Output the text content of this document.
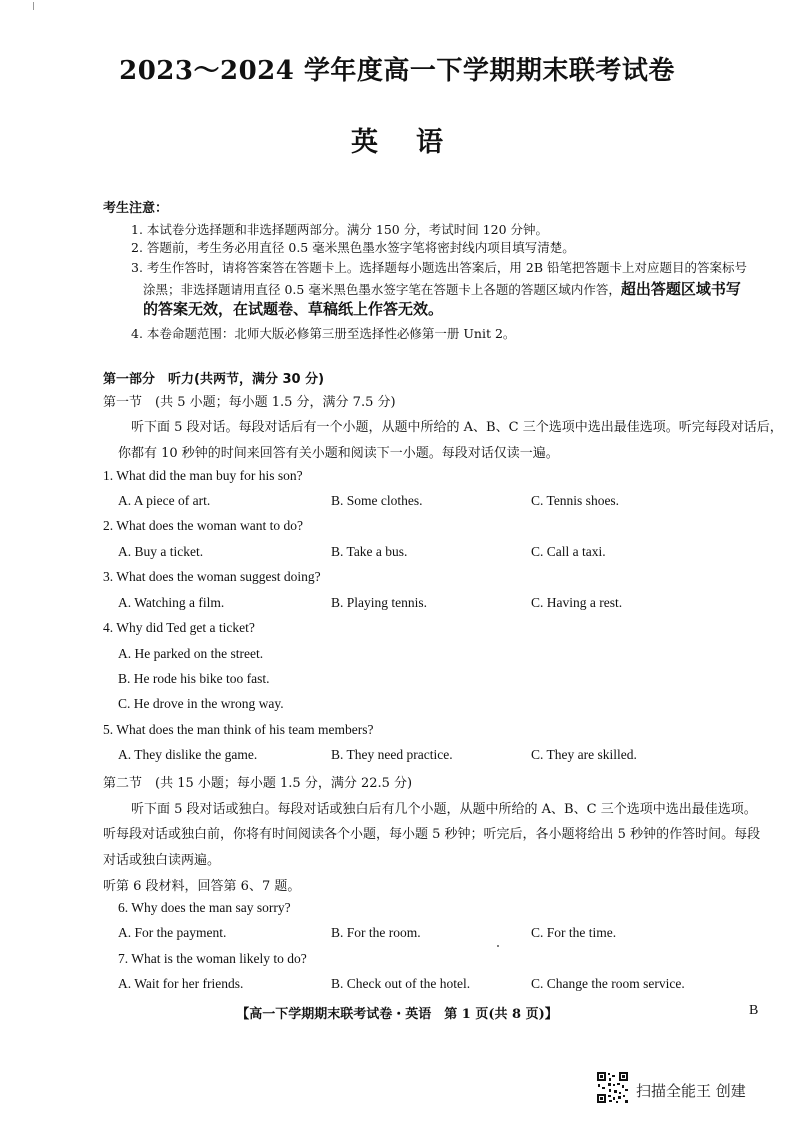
2023～2024 学年度高一下学期期末联考试卷
英语
考生注意：
1. 本试卷分选择题和非选择题两部分。满分 150 分，考试时间 120 分钟。
2. 答题前，考生务必用直径 0.5 毫米黑色墨水签字笔将密封线内项目填写清楚。
3. 考生作答时，请将答案答在答题卡上。选择题每小题选出答案后，用 2B 铅笔把答题卡上对应题目的答案标号
涂黑；非选择题请用直径 0.5 毫米黑色墨水签字笔在答题卡上各题的答题区域内作答，超出答题区域书写
的答案无效，在试题卷、草稿纸上作答无效。
4. 本卷命题范围：北师大版必修第三册至选择性必修第一册 Unit 2。
第一部分　听力(共两节，满分 30 分)
第一节　(共 5 小题；每小题 1.5 分，满分 7.5 分)
听下面 5 段对话。每段对话后有一个小题，从题中所给的 A、B、C 三个选项中选出最佳选项。听完每段对话后，
你都有 10 秒钟的时间来回答有关小题和阅读下一小题。每段对话仅读一遍。
1. What did the man buy for his son?
A. A piece of art.	B. Some clothes.	C. Tennis shoes.
2. What does the woman want to do?
A. Buy a ticket.	B. Take a bus.	C. Call a taxi.
3. What does the woman suggest doing?
A. Watching a film.	B. Playing tennis.	C. Having a rest.
4. Why did Ted get a ticket?
A. He parked on the street.
B. He rode his bike too fast.
C. He drove in the wrong way.
5. What does the man think of his team members?
A. They dislike the game.	B. They need practice.	C. They are skilled.
第二节　(共 15 小题；每小题 1.5 分，满分 22.5 分)
听下面 5 段对话或独白。每段对话或独白后有几个小题，从题中所给的 A、B、C 三个选项中选出最佳选项。
听每段对话或独白前，你将有时间阅读各个小题，每小题 5 秒钟；听完后，各小题将给出 5 秒钟的作答时间。每段
对话或独白读两遍。
听第 6 段材料，回答第 6、7 题。
6. Why does the man say sorry?
A. For the payment.	B. For the room.	C. For the time.
7. What is the woman likely to do?
A. Wait for her friends.	B. Check out of the hotel.	C. Change the room service.
【高一下学期期末联考试卷・英语　第 1 页(共 8 页)】	B
扫描全能王 创建
